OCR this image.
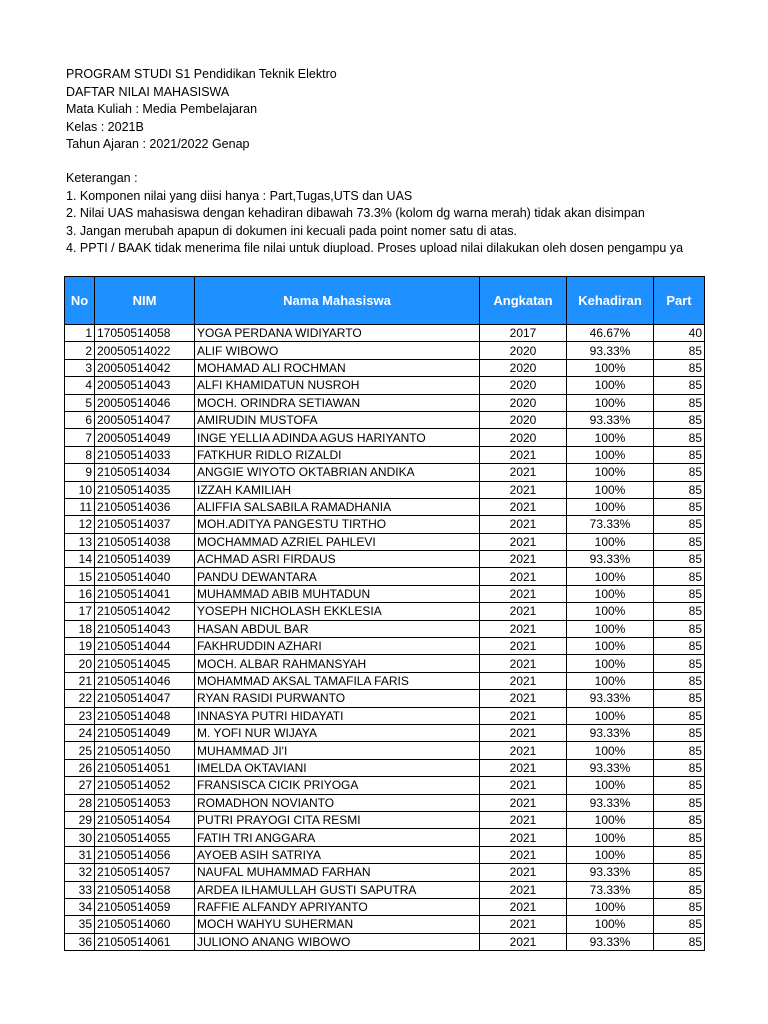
PROGRAM STUDI S1 Pendidikan Teknik Elektro
DAFTAR NILAI MAHASISWA
Mata Kuliah : Media Pembelajaran
Kelas : 2021B
Tahun Ajaran : 2021/2022 Genap
Keterangan :
1. Komponen nilai yang diisi hanya : Part,Tugas,UTS dan UAS
2. Nilai UAS mahasiswa dengan kehadiran dibawah 73.3% (kolom dg warna merah) tidak akan disimpan
3. Jangan merubah apapun di dokumen ini kecuali pada point nomer satu di atas.
4. PPTI / BAAK tidak menerima file nilai untuk diupload. Proses upload nilai dilakukan oleh dosen pengampu ya
No	NIM	Nama Mahasiswa	Angkatan	Kehadiran	Part
1	17050514058	YOGA PERDANA WIDIYARTO	2017	46.67%	40
2	20050514022	ALIF WIBOWO	2020	93.33%	85
3	20050514042	MOHAMAD ALI ROCHMAN	2020	100%	85
4	20050514043	ALFI KHAMIDATUN NUSROH	2020	100%	85
5	20050514046	MOCH. ORINDRA SETIAWAN	2020	100%	85
6	20050514047	AMIRUDIN MUSTOFA	2020	93.33%	85
7	20050514049	INGE YELLIA ADINDA AGUS HARIYANTO	2020	100%	85
8	21050514033	FATKHUR RIDLO RIZALDI	2021	100%	85
9	21050514034	ANGGIE WIYOTO OKTABRIAN ANDIKA	2021	100%	85
10	21050514035	IZZAH KAMILIAH	2021	100%	85
11	21050514036	ALIFFIA SALSABILA RAMADHANIA	2021	100%	85
12	21050514037	MOH.ADITYA PANGESTU TIRTHO	2021	73.33%	85
13	21050514038	MOCHAMMAD AZRIEL PAHLEVI	2021	100%	85
14	21050514039	ACHMAD ASRI FIRDAUS	2021	93.33%	85
15	21050514040	PANDU DEWANTARA	2021	100%	85
16	21050514041	MUHAMMAD ABIB MUHTADUN	2021	100%	85
17	21050514042	YOSEPH NICHOLASH EKKLESIA	2021	100%	85
18	21050514043	HASAN ABDUL BAR	2021	100%	85
19	21050514044	FAKHRUDDIN AZHARI	2021	100%	85
20	21050514045	MOCH. ALBAR RAHMANSYAH	2021	100%	85
21	21050514046	MOHAMMAD AKSAL TAMAFILA FARIS	2021	100%	85
22	21050514047	RYAN RASIDI PURWANTO	2021	93.33%	85
23	21050514048	INNASYA PUTRI HIDAYATI	2021	100%	85
24	21050514049	M. YOFI NUR WIJAYA	2021	93.33%	85
25	21050514050	MUHAMMAD JI'I	2021	100%	85
26	21050514051	IMELDA OKTAVIANI	2021	93.33%	85
27	21050514052	FRANSISCA CICIK PRIYOGA	2021	100%	85
28	21050514053	ROMADHON NOVIANTO	2021	93.33%	85
29	21050514054	PUTRI PRAYOGI CITA RESMI	2021	100%	85
30	21050514055	FATIH TRI ANGGARA	2021	100%	85
31	21050514056	AYOEB ASIH SATRIYA	2021	100%	85
32	21050514057	NAUFAL MUHAMMAD FARHAN	2021	93.33%	85
33	21050514058	ARDEA ILHAMULLAH GUSTI SAPUTRA	2021	73.33%	85
34	21050514059	RAFFIE ALFANDY APRIYANTO	2021	100%	85
35	21050514060	MOCH WAHYU SUHERMAN	2021	100%	85
36	21050514061	JULIONO ANANG WIBOWO	2021	93.33%	85
